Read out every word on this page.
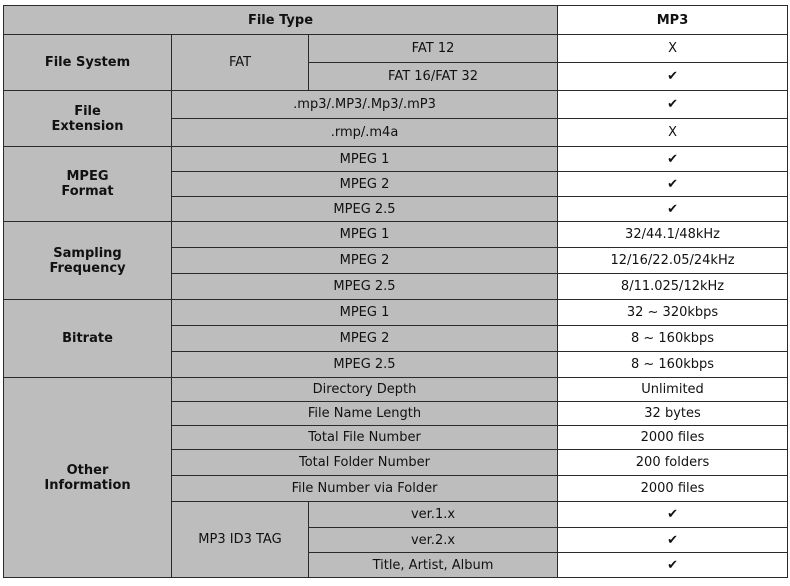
File Type			MP3
File System	FAT	FAT 12	X
		FAT 16/FAT 32	✔
File
Extension	.mp3/.MP3/.Mp3/.mP3		✔
	.rmp/.m4a		X
MPEG
Format	MPEG 1		✔
	MPEG 2		✔
	MPEG 2.5		✔
Sampling
Frequency	MPEG 1		32/44.1/48kHz
	MPEG 2		12/16/22.05/24kHz
	MPEG 2.5		8/11.025/12kHz
Bitrate	MPEG 1		32 ~ 320kbps
	MPEG 2		8 ~ 160kbps
	MPEG 2.5		8 ~ 160kbps
Other
Information	Directory Depth		Unlimited
	File Name Length		32 bytes
	Total File Number		2000 files
	Total Folder Number		200 folders
	File Number via Folder		2000 files
	MP3 ID3 TAG	ver.1.x	✔
		ver.2.x	✔
		Title, Artist, Album	✔
